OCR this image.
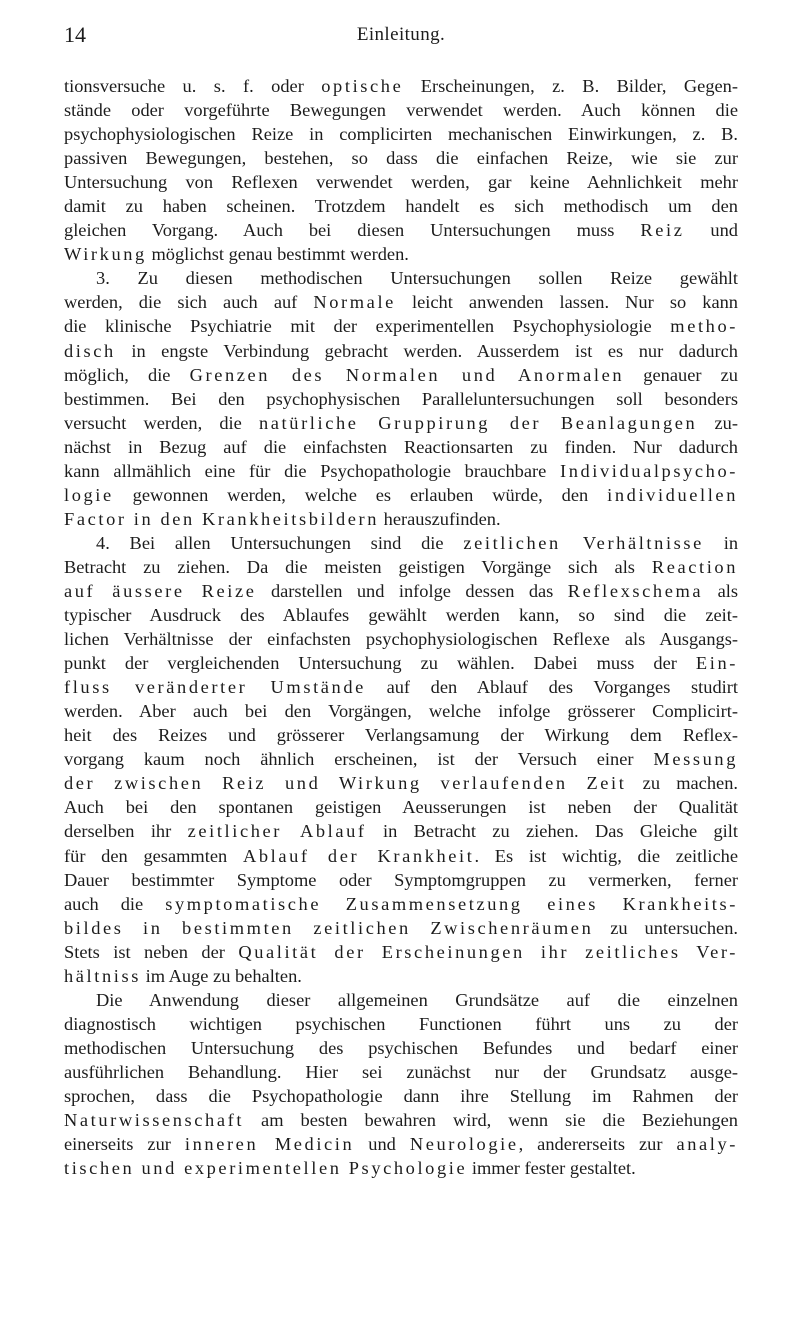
14	Einleitung.
tionsversuche u. s. f. oder optische Erscheinungen, z. B. Bilder, Gegen-
stände oder vorgeführte Bewegungen verwendet werden. Auch können die
psychophysiologischen Reize in complicirten mechanischen Einwirkungen, z. B.
passiven Bewegungen, bestehen, so dass die einfachen Reize, wie sie zur
Untersuchung von Reflexen verwendet werden, gar keine Aehnlichkeit mehr
damit zu haben scheinen. Trotzdem handelt es sich methodisch um den
gleichen Vorgang. Auch bei diesen Untersuchungen muss Reiz und
Wirkung möglichst genau bestimmt werden.
3. Zu diesen methodischen Untersuchungen sollen Reize gewählt
werden, die sich auch auf Normale leicht anwenden lassen. Nur so kann
die klinische Psychiatrie mit der experimentellen Psychophysiologie metho-
disch in engste Verbindung gebracht werden. Ausserdem ist es nur dadurch
möglich, die Grenzen des Normalen und Anormalen genauer zu
bestimmen. Bei den psychophysischen Paralleluntersuchungen soll besonders
versucht werden, die natürliche Gruppirung der Beanlagungen zu-
nächst in Bezug auf die einfachsten Reactionsarten zu finden. Nur dadurch
kann allmählich eine für die Psychopathologie brauchbare Individualpsycho-
logie gewonnen werden, welche es erlauben würde, den individuellen
Factor in den Krankheitsbildern herauszufinden.
4. Bei allen Untersuchungen sind die zeitlichen Verhältnisse in
Betracht zu ziehen. Da die meisten geistigen Vorgänge sich als Reaction
auf äussere Reize darstellen und infolge dessen das Reflexschema als
typischer Ausdruck des Ablaufes gewählt werden kann, so sind die zeit-
lichen Verhältnisse der einfachsten psychophysiologischen Reflexe als Ausgangs-
punkt der vergleichenden Untersuchung zu wählen. Dabei muss der Ein-
fluss veränderter Umstände auf den Ablauf des Vorganges studirt
werden. Aber auch bei den Vorgängen, welche infolge grösserer Complicirt-
heit des Reizes und grösserer Verlangsamung der Wirkung dem Reflex-
vorgang kaum noch ähnlich erscheinen, ist der Versuch einer Messung
der zwischen Reiz und Wirkung verlaufenden Zeit zu machen.
Auch bei den spontanen geistigen Aeusserungen ist neben der Qualität
derselben ihr zeitlicher Ablauf in Betracht zu ziehen. Das Gleiche gilt
für den gesammten Ablauf der Krankheit. Es ist wichtig, die zeitliche
Dauer bestimmter Symptome oder Symptomgruppen zu vermerken, ferner
auch die symptomatische Zusammensetzung eines Krankheits-
bildes in bestimmten zeitlichen Zwischenräumen zu untersuchen.
Stets ist neben der Qualität der Erscheinungen ihr zeitliches Ver-
hältniss im Auge zu behalten.
Die Anwendung dieser allgemeinen Grundsätze auf die einzelnen
diagnostisch wichtigen psychischen Functionen führt uns zu der
methodischen Untersuchung des psychischen Befundes und bedarf einer
ausführlichen Behandlung. Hier sei zunächst nur der Grundsatz ausge-
sprochen, dass die Psychopathologie dann ihre Stellung im Rahmen der
Naturwissenschaft am besten bewahren wird, wenn sie die Beziehungen
einerseits zur inneren Medicin und Neurologie, andererseits zur analy-
tischen und experimentellen Psychologie immer fester gestaltet.
